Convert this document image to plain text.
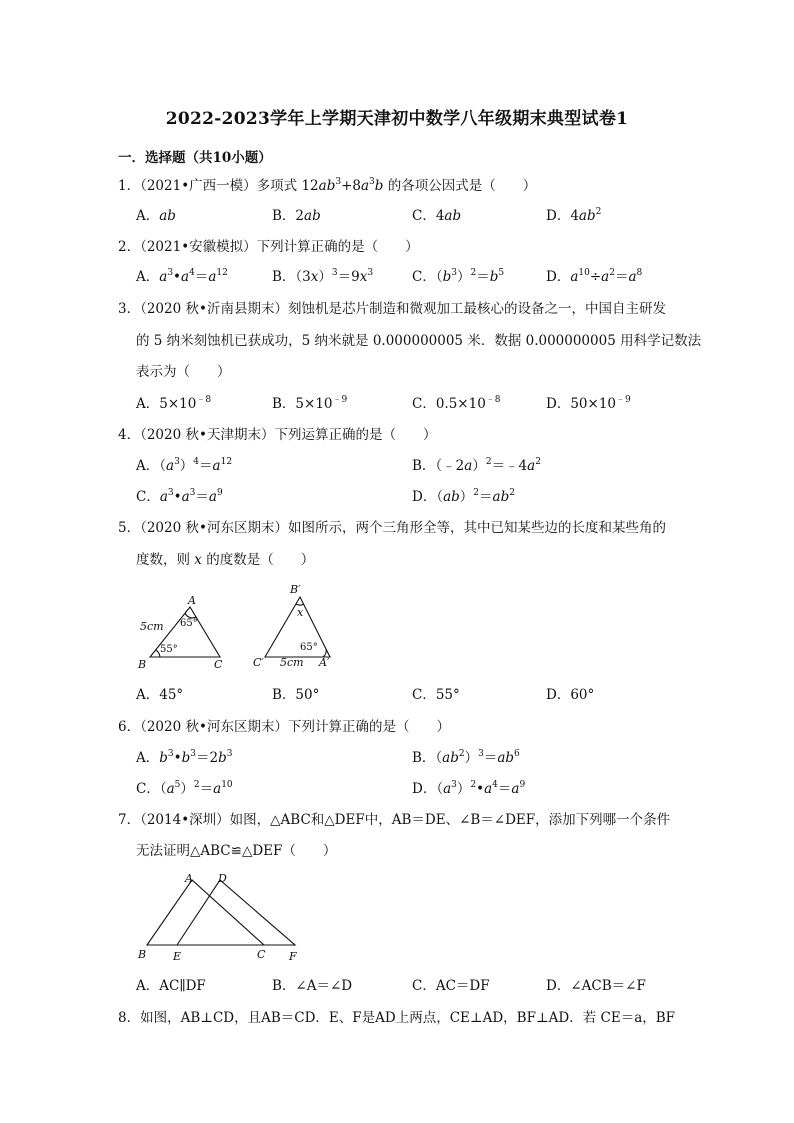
2022-2023学年上学期天津初中数学八年级期末典型试卷1
一．选择题（共10小题）
1．（2021•广西一模）多项式 $12ab^3+8a^3b$ 的各项公因式是（　　）
A．ab	B．2ab	C．4ab	D．$4ab^2$
2．（2021•安徽模拟）下列计算正确的是（　　）
A．$a^3•a^4=a^{12}$	B．$(3x)^3=9x^3$	C．$(b^3)^2=b^5$	D．$a^{10}\div a^2=a^8$
3．（2020 秋•沂南县期末）刻蚀机是芯片制造和微观加工最核心的设备之一，中国自主研发
的 5 纳米刻蚀机已获成功，5 纳米就是 0.000000005 米．数据 0.000000005 用科学记数法
表示为（　　）
A．$5\times 10^{﹣8}$	B．$5\times 10^{﹣9}$	C．$0.5\times 10^{﹣8}$	D．$50\times 10^{﹣9}$
4．（2020 秋•天津期末）下列运算正确的是（　　）
A．$(a^3)^4=a^{12}$	B．$(﹣2a)^2=﹣4a^2$
C．$a^3•a^3=a^9$	D．$(ab)^2=ab^2$
5．（2020 秋•河东区期末）如图所示，两个三角形全等，其中已知某些边的长度和某些角的
度数，则 x 的度数是（　　）
A
B	C
5cm 65°
55°
B′
C′	A′
5cm
x
65°
A．45°	B．50°	C．55°	D．60°
6．（2020 秋•河东区期末）下列计算正确的是（　　）
A．$b^3•b^3=2b^3$	B．$(ab^2)^3=ab^6$
C．$(a^5)^2=a^{10}$	D．$(a^3)^2•a^4=a^9$
7．（2014•深圳）如图，△ABC和△DEF中，AB＝DE、∠B＝∠DEF，添加下列哪一个条件
无法证明△ABC≌△DEF（　　）
A D
B E	C F
A．AC∥DF	B．∠A＝∠D	C．AC＝DF	D．∠ACB＝∠F
8．如图，AB⊥CD，且AB＝CD．E、F是AD上两点，CE⊥AD，BF⊥AD．若 CE＝a，BF
